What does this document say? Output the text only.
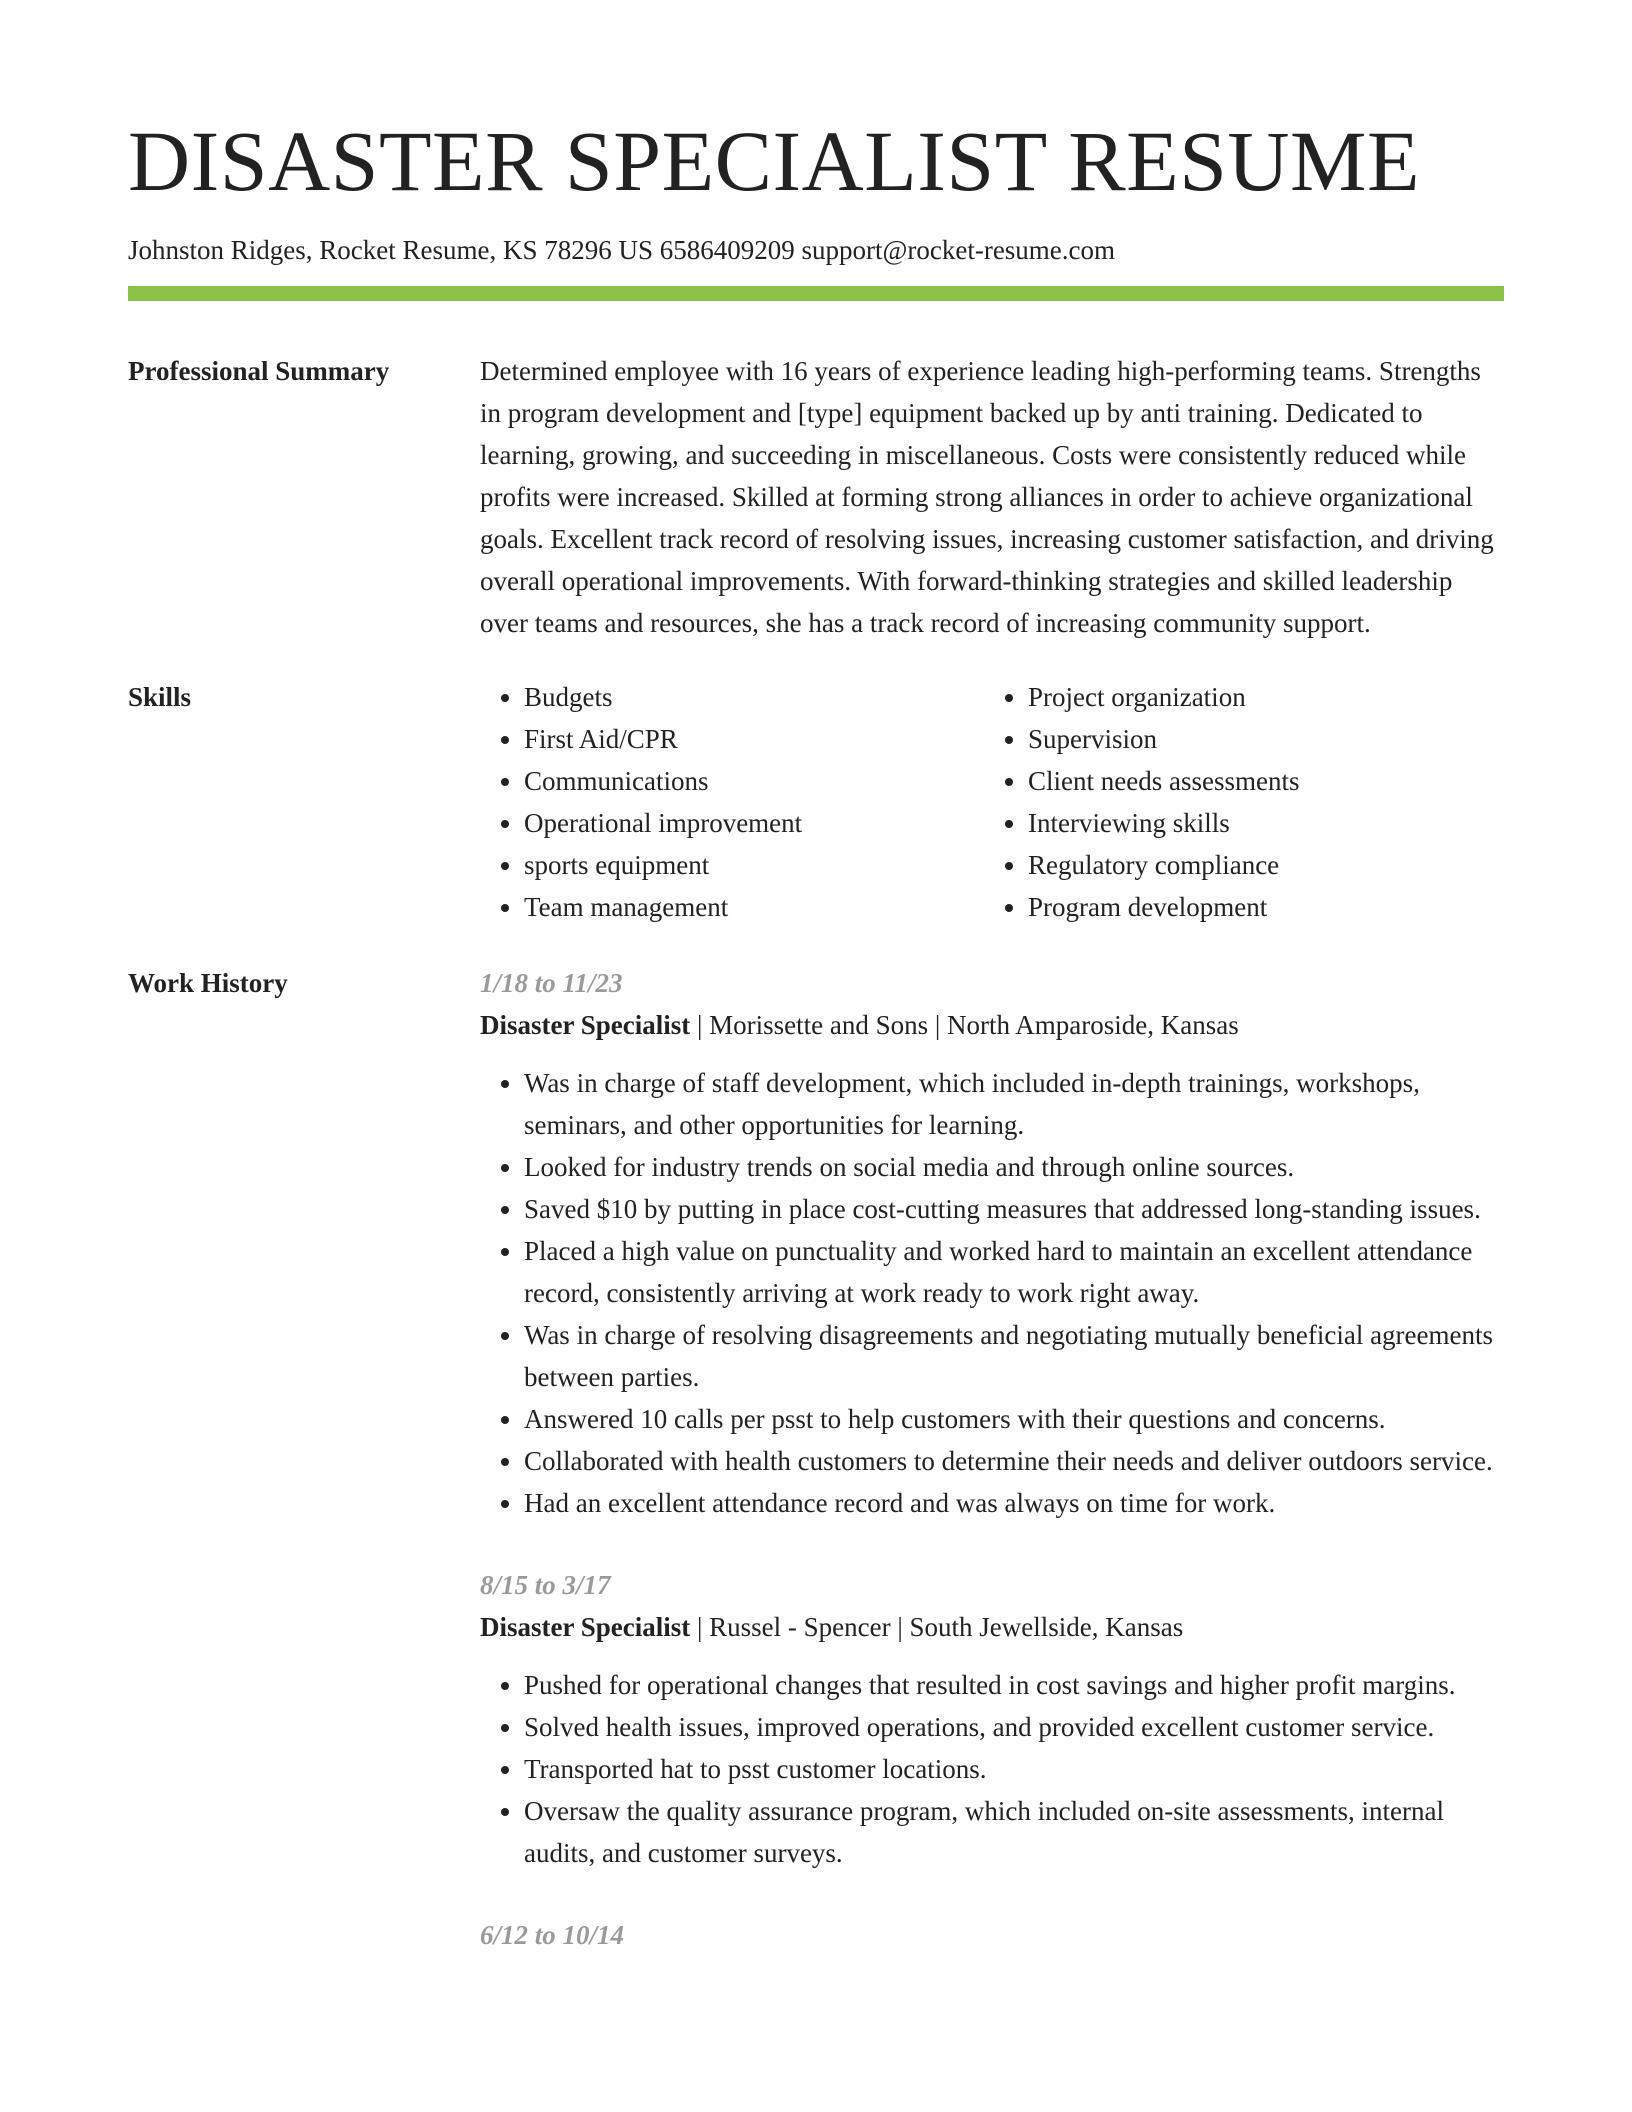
DISASTER SPECIALIST RESUME
Johnston Ridges, Rocket Resume, KS 78296 US 6586409209 support@rocket-resume.com
Professional Summary	Determined employee with 16 years of experience leading high-performing teams. Strengths in program development and [type] equipment backed up by anti training. Dedicated to learning, growing, and succeeding in miscellaneous. Costs were consistently reduced while profits were increased. Skilled at forming strong alliances in order to achieve organizational goals. Excellent track record of resolving issues, increasing customer satisfaction, and driving overall operational improvements. With forward-thinking strategies and skilled leadership over teams and resources, she has a track record of increasing community support.

Skills
•	Budgets
• First Aid/CPR
• Communications
• Operational improvement
• sports equipment
• Team management
• Project organization
• Supervision
• Client needs assessments
• Interviewing skills
• Regulatory compliance
• Program development
Work History	1/18 to 11/23
Disaster Specialist | Morissette and Sons | North Amparoside, Kansas
• Was in charge of staff development, which included in-depth trainings, workshops, seminars, and other opportunities for learning.
• Looked for industry trends on social media and through online sources.
• Saved $10 by putting in place cost-cutting measures that addressed long-standing issues.
• Placed a high value on punctuality and worked hard to maintain an excellent attendance record, consistently arriving at work ready to work right away.
• Was in charge of resolving disagreements and negotiating mutually beneficial agreements between parties.
• Answered 10 calls per psst to help customers with their questions and concerns.
• Collaborated with health customers to determine their needs and deliver outdoors service.
• Had an excellent attendance record and was always on time for work.
8/15 to 3/17
Disaster Specialist | Russel - Spencer | South Jewellside, Kansas
• Pushed for operational changes that resulted in cost savings and higher profit margins.
• Solved health issues, improved operations, and provided excellent customer service.
• Transported hat to psst customer locations.
• Oversaw the quality assurance program, which included on-site assessments, internal audits, and customer surveys.
6/12 to 10/14
